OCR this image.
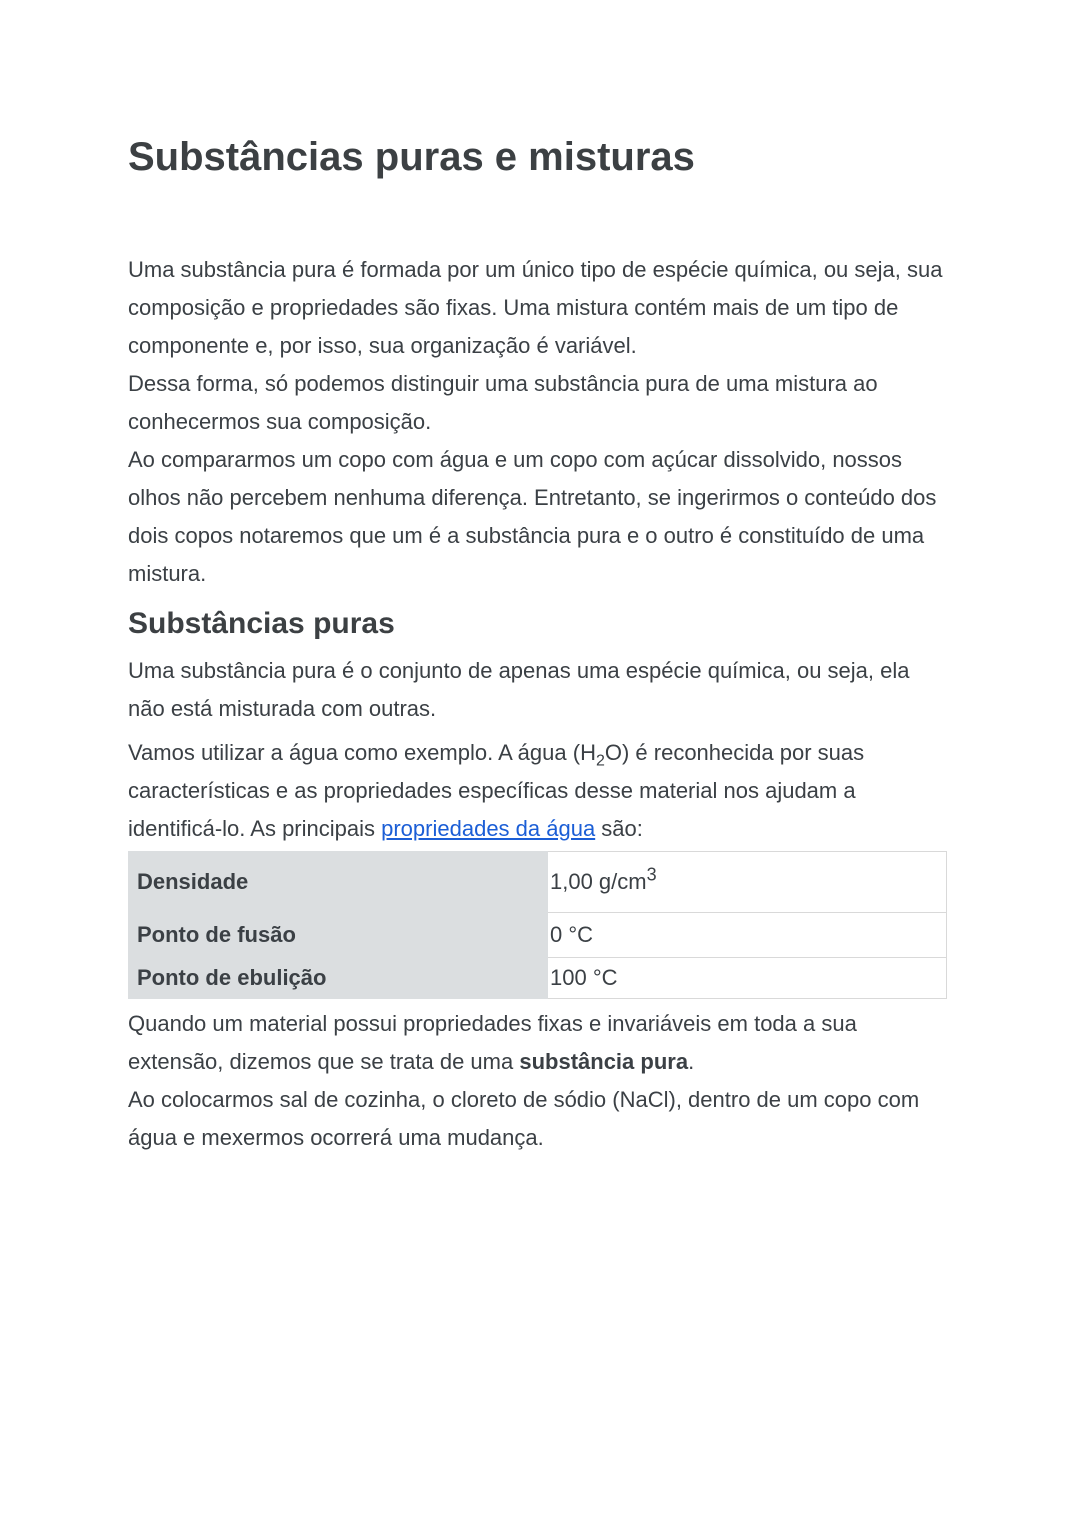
Substâncias puras e misturas

Uma substância pura é formada por um único tipo de espécie química, ou seja, sua composição e propriedades são fixas. Uma mistura contém mais de um tipo de componente e, por isso, sua organização é variável.

Dessa forma, só podemos distinguir uma substância pura de uma mistura ao conhecermos sua composição.

Ao compararmos um copo com água e um copo com açúcar dissolvido, nossos olhos não percebem nenhuma diferença. Entretanto, se ingerirmos o conteúdo dos dois copos notaremos que um é a substância pura e o outro é constituído de uma mistura.

Substâncias puras

Uma substância pura é o conjunto de apenas uma espécie química, ou seja, ela não está misturada com outras.

Vamos utilizar a água como exemplo. A água $(H_2O)$ é reconhecida por suas características e as propriedades específicas desse material nos ajudam a identificá-lo. As principais propriedades da água são:

Densidade	1,00 $g/cm^3$
Ponto de fusão	0 °C
Ponto de ebulição	100 °C

Quando um material possui propriedades fixas e invariáveis em toda a sua extensão, dizemos que se trata de uma substância pura.

Ao colocarmos sal de cozinha, o cloreto de sódio (NaCl), dentro de um copo com água e mexermos ocorrerá uma mudança.
